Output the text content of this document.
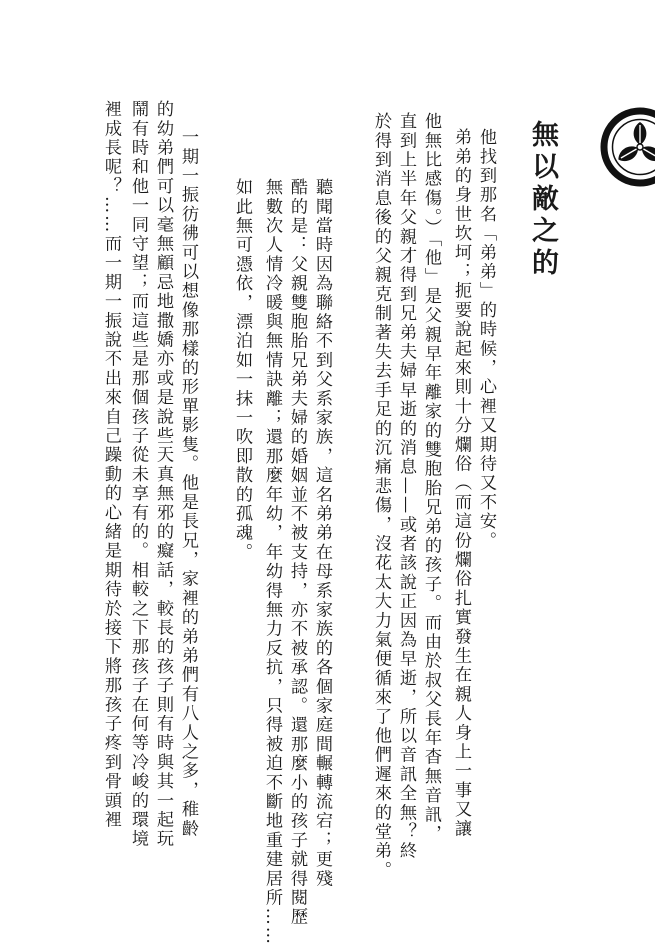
無以敵之的
他找到那名「弟弟」的時候，心裡又期待又不安。
弟弟的身世坎坷；扼要說起來則十分爛俗（而這份爛俗扎實發生在親人身上一事又讓
他無比感傷。）「他」是父親早年離家的雙胞胎兄弟的孩子。而由於叔父長年杳無音訊，
直到上半年父親才得到兄弟夫婦早逝的消息——或者該說正因為早逝，所以音訊全無？終
於得到消息後的父親克制著失去手足的沉痛悲傷，沒花太大力氣便循來了他們遲來的堂弟。
聽聞當時因為聯絡不到父系家族，這名弟弟在母系家族的各個家庭間輾轉流宕；更殘
酷的是：父親雙胞胎兄弟夫婦的婚姻並不被支持，亦不被承認。還那麼小的孩子就得閱歷
無數次人情冷暖與無情訣離；還那麼年幼，年幼得無力反抗，只得被迫不斷地重建居所……
如此無可憑依，漂泊如一抹一吹即散的孤魂。
一期一振彷彿可以想像那樣的形單影隻。他是長兄，家裡的弟弟們有八人之多，稚齡
的幼弟們可以毫無顧忌地撒嬌亦或是說些天真無邪的癡話，較長的孩子則有時與其一起玩
鬧有時和他一同守望；而這些是那個孩子從未享有的。相較之下那孩子在何等冷峻的環境
裡成長呢？……而一期一振說不出來自己躁動的心緒是期待於接下將那孩子疼到骨頭裡
